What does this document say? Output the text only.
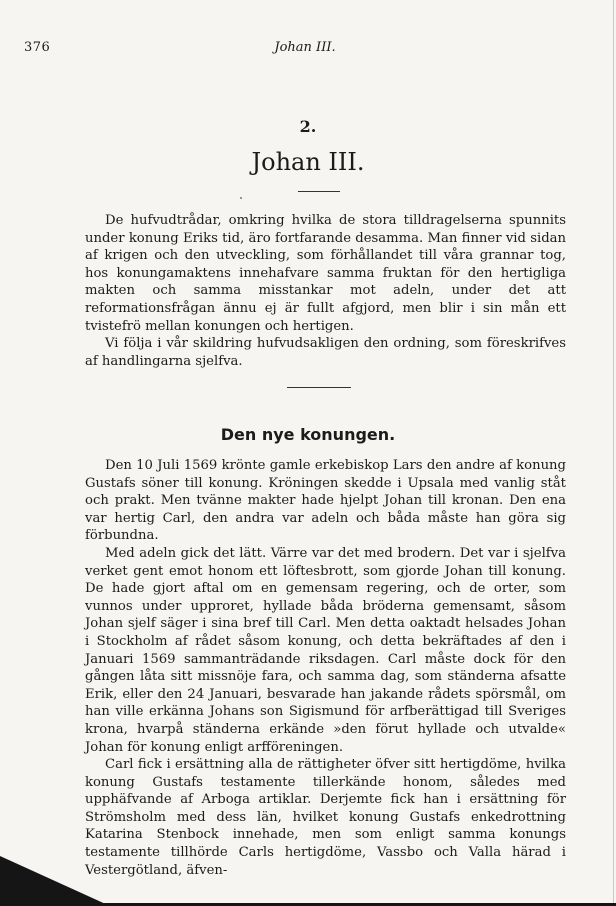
376	Johan III.
2.
Johan III.

De hufvudtrådar, omkring hvilka de stora tilldragelserna spunnits under konung Eriks tid, äro fortfarande desamma. Man finner vid sidan af krigen och den utveckling, som förhållandet till våra grannar tog, hos konungamaktens innehafvare samma fruktan för den hertigliga makten och samma misstankar mot adeln, under det att reformationsfrågan ännu ej är fullt afgjord, men blir i sin mån ett tvistefrö mellan konungen och hertigen.

Vi följa i vår skildring hufvudsakligen den ordning, som föreskrifves af handlingarna sjelfva.

Den nye konungen.

Den 10 Juli 1569 krönte gamle erkebiskop Lars den andre af konung Gustafs söner till konung. Kröningen skedde i Upsala med vanlig ståt och prakt. Men tvänne makter hade hjelpt Johan till kronan. Den ena var hertig Carl, den andra var adeln och båda måste han göra sig förbundna.

Med adeln gick det lätt. Värre var det med brodern. Det var i sjelfva verket gent emot honom ett löftesbrott, som gjorde Johan till konung. De hade gjort aftal om en gemensam regering, och de orter, som vunnos under upproret, hyllade båda bröderna gemensamt, såsom Johan sjelf säger i sina bref till Carl. Men detta oaktadt helsades Johan i Stockholm af rådet såsom konung, och detta bekräftades af den i Januari 1569 sammanträdande riksdagen. Carl måste dock för den gången låta sitt missnöje fara, och samma dag, som ständerna afsatte Erik, eller den 24 Januari, besvarade han jakande rådets spörsmål, om han ville erkänna Johans son Sigismund för arfberättigad till Sveriges krona, hvarpå ständerna erkände »den förut hyllade och utvalde« Johan för konung enligt arfföreningen.

Carl fick i ersättning alla de rättigheter öfver sitt hertigdöme, hvilka konung Gustafs testamente tillerkände honom, således med upphäfvande af Arboga artiklar. Derjemte fick han i ersättning för Strömsholm med dess län, hvilket konung Gustafs enkedrottning Katarina Stenbock innehade, men som enligt samma konungs testamente tillhörde Carls hertigdöme, Vassbo och Valla härad i Vestergötland, äfven-
